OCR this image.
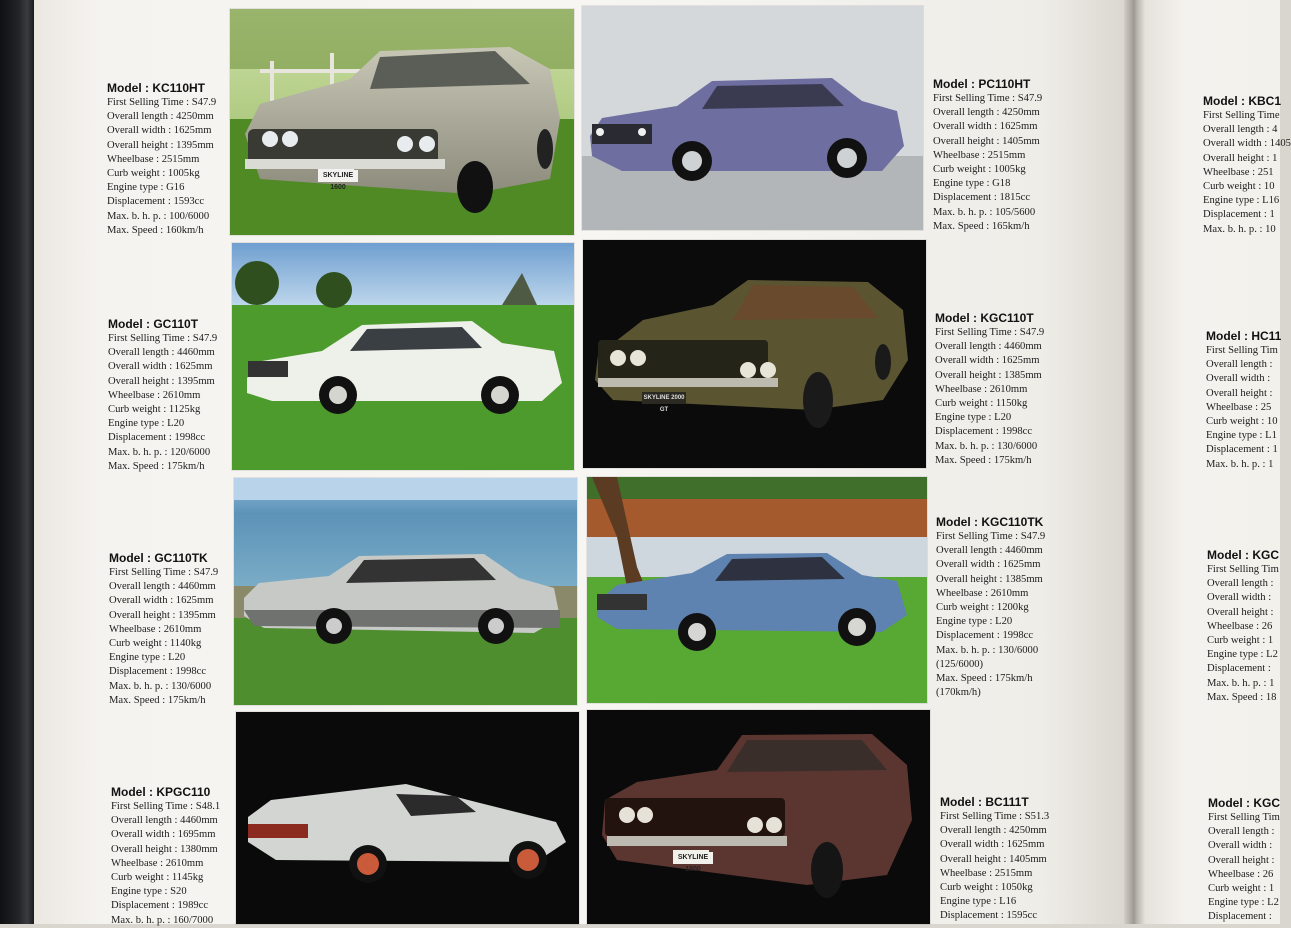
Model : KC110HT
First Selling Time : S47.9
Overall length : 4250mm
Overall width : 1625mm
Overall height : 1395mm
Wheelbase : 2515mm
Curb weight : 1005kg
Engine type : G16
Displacement : 1593cc
Max. b. h. p. : 100/6000
Max. Speed : 160km/h
Model : PC110HT
First Selling Time : S47.9
Overall length : 4250mm
Overall width : 1625mm
Overall height : 1405mm
Wheelbase : 2515mm
Curb weight : 1005kg
Engine type : G18
Displacement : 1815cc
Max. b. h. p. : 105/5600
Max. Speed : 165km/h
Model : GC110T
First Selling Time : S47.9
Overall length : 4460mm
Overall width : 1625mm
Overall height : 1395mm
Wheelbase : 2610mm
Curb weight : 1125kg
Engine type : L20
Displacement : 1998cc
Max. b. h. p. : 120/6000
Max. Speed : 175km/h
Model : KGC110T
First Selling Time : S47.9
Overall length : 4460mm
Overall width : 1625mm
Overall height : 1385mm
Wheelbase : 2610mm
Curb weight : 1150kg
Engine type : L20
Displacement : 1998cc
Max. b. h. p. : 130/6000
Max. Speed : 175km/h
Model : GC110TK
First Selling Time : S47.9
Overall length : 4460mm
Overall width : 1625mm
Overall height : 1395mm
Wheelbase : 2610mm
Curb weight : 1140kg
Engine type : L20
Displacement : 1998cc
Max. b. h. p. : 130/6000
Max. Speed : 175km/h
Model : KGC110TK
First Selling Time : S47.9
Overall length : 4460mm
Overall width : 1625mm
Overall height : 1385mm
Wheelbase : 2610mm
Curb weight : 1200kg
Engine type : L20
Displacement : 1998cc
Max. b. h. p. : 130/6000
(125/6000)
Max. Speed : 175km/h
(170km/h)
Model : KPGC110
First Selling Time : S48.1
Overall length : 4460mm
Overall width : 1695mm
Overall height : 1380mm
Wheelbase : 2610mm
Curb weight : 1145kg
Engine type : S20
Displacement : 1989cc
Max. b. h. p. : 160/7000
Model : BC111T
First Selling Time : S51.3
Overall length : 4250mm
Overall width : 1625mm
Overall height : 1405mm
Wheelbase : 2515mm
Curb weight : 1050kg
Engine type : L16
Displacement : 1595cc
Model : KBC1
First Selling Time
Overall length : 4
Overall width : 1405
Overall height : 1
Wheelbase : 251
Curb weight : 10
Engine type : L16
Displacement : 1
Max. b. h. p. : 10
Model : HC11
First Selling Tim
Overall length :
Overall width :
Overall height :
Wheelbase : 25
Curb weight : 10
Engine type : L1
Displacement : 1
Max. b. h. p. : 1
Model : KGC
First Selling Tim
Overall length :
Overall width :
Overall height :
Wheelbase : 26
Curb weight : 1
Engine type : L2
Displacement :
Max. b. h. p. : 1
Max. Speed : 18
Model : KGC
First Selling Tim
Overall length :
Overall width :
Overall height :
Wheelbase : 26
Curb weight : 1
Engine type : L2
Displacement :
SKYLINE 1600
SKYLINE 2000 GT
SKYLINE 1800
